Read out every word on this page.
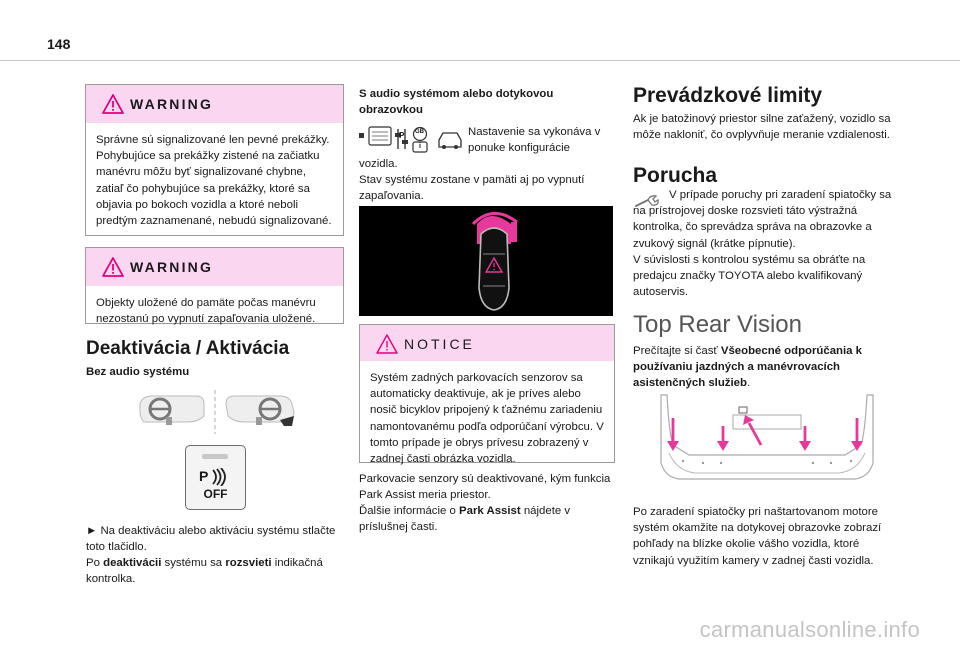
148
WARNING
Správne sú signalizované len pevné prekážky. Pohybujúce sa prekážky zistené na začiatku manévru môžu byť signalizované chybne, zatiaľ čo pohybujúce sa prekážky, ktoré sa objavia po bokoch vozidla a ktoré neboli predtým zaznamenané, nebudú signalizované.
WARNING
Objekty uložené do pamäte počas manévru nezostanú po vypnutí zapaľovania uložené.
Deaktivácia / Aktivácia
Bez audio systému
P
OFF

► Na deaktiváciu alebo aktiváciu systému stlačte toto tlačidlo.

Po deaktivácii systému sa rozsvieti indikačná kontrolka.

S audio systémom alebo dotykovou obrazovkou
P GB
i

Nastavenie sa vykonáva v ponuke konfigurácie

vozidla.

Stav systému zostane v pamäti aj po vypnutí zapaľovania.

NOTICE
Systém zadných parkovacích senzorov sa automaticky deaktivuje, ak je príves alebo nosič bicyklov pripojený k ťažnému zariadeniu namontovanému podľa odporúčaní výrobcu. V tomto prípade je obrys prívesu zobrazený v zadnej časti obrázka vozidla.

Parkovacie senzory sú deaktivované, kým funkcia Park Assist meria priestor.

Ďalšie informácie o Park Assist nájdete v príslušnej časti.

Prevádzkové limity

Ak je batožinový priestor silne zaťažený, vozidlo sa môže nakloniť, čo ovplyvňuje meranie vzdialenosti.

Porucha

V prípade poruchy pri zaradení spiatočky sa na prístrojovej doske rozsvieti táto výstražná kontrolka, čo sprevádza správa na obrazovke a zvukový signál (krátke pípnutie).

V súvislosti s kontrolou systému sa obráťte na predajcu značky TOYOTA alebo kvalifikovaný autoservis.

Top Rear Vision

Prečítajte si časť Všeobecné odporúčania k používaniu jazdných a manévrovacích asistenčných služieb.

Po zaradení spiatočky pri naštartovanom motore systém okamžite na dotykovej obrazovke zobrazí pohľady na blízke okolie vášho vozidla, ktoré vznikajú využitím kamery v zadnej časti vozidla.

carmanualsonline.info
